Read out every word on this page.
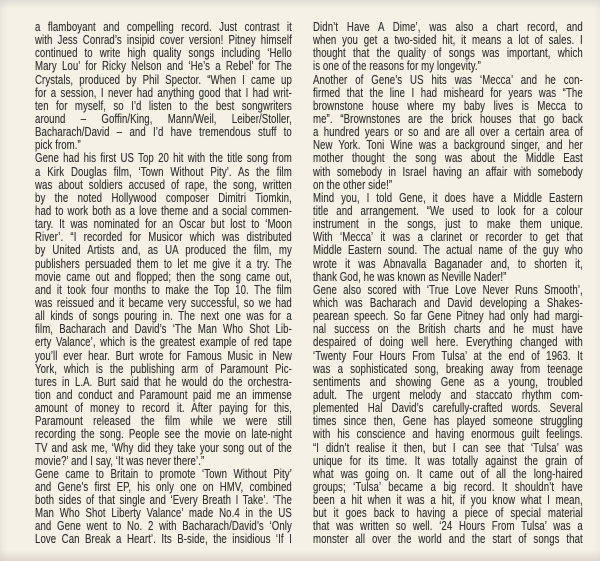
a flamboyant and compelling record. Just contrast it
with Jess Conrad’s insipid cover version! Pitney himself
continued to write high quality songs including ‘Hello
Mary Lou’ for Ricky Nelson and ‘He’s a Rebel’ for The
Crystals, produced by Phil Spector. “When I came up
for a session, I never had anything good that I had writ-
ten for myself, so I’d listen to the best songwriters
around – Goffin/King, Mann/Weil, Leiber/Stoller,
Bacharach/David – and I’d have tremendous stuff to
pick from.”
Gene had his first US Top 20 hit with the title song from
a Kirk Douglas film, ‘Town Without Pity’. As the film
was about soldiers accused of rape, the song, written
by the noted Hollywood composer Dimitri Tiomkin,
had to work both as a love theme and a social commen-
tary. It was nominated for an Oscar but lost to ‘Moon
River’. “I recorded for Musicor which was distributed
by United Artists and, as UA produced the film, my
publishers persuaded them to let me give it a try. The
movie came out and flopped; then the song came out,
and it took four months to make the Top 10. The film
was reissued and it became very successful, so we had
all kinds of songs pouring in. The next one was for a
film, Bacharach and David’s ‘The Man Who Shot Lib-
erty Valance’, which is the greatest example of red tape
you’ll ever hear. Burt wrote for Famous Music in New
York, which is the publishing arm of Paramount Pic-
tures in L.A. Burt said that he would do the orchestra-
tion and conduct and Paramount paid me an immense
amount of money to record it. After paying for this,
Paramount released the film while we were still
recording the song. People see the movie on late-night
TV and ask me, ‘Why did they take your song out of the
movie?’ and I say, ‘It was never there’.”
Gene came to Britain to promote ‘Town Without Pity’
and Gene’s first EP, his only one on HMV, combined
both sides of that single and ‘Every Breath I Take’. ‘The
Man Who Shot Liberty Valance’ made No.4 in the US
and Gene went to No. 2 with Bacharach/David’s ‘Only
Love Can Break a Heart’. Its B-side, the insidious ‘If I
Didn’t Have A Dime’, was also a chart record, and
when you get a two-sided hit, it means a lot of sales. I
thought that the quality of songs was important, which
is one of the reasons for my longevity.”
Another of Gene’s US hits was ‘Mecca’ and he con-
firmed that the line I had misheard for years was “The
brownstone house where my baby lives is Mecca to
me”. “Brownstones are the brick houses that go back
a hundred years or so and are all over a certain area of
New York. Toni Wine was a background singer, and her
mother thought the song was about the Middle East
with somebody in Israel having an affair with somebody
on the other side!”
Mind you, I told Gene, it does have a Middle Eastern
title and arrangement. “We used to look for a colour
instrument in the songs, just to make them unique.
With ‘Mecca’ it was a clarinet or recorder to get that
Middle Eastern sound. The actual name of the guy who
wrote it was Abnavalla Baganader and, to shorten it,
thank God, he was known as Neville Nader!”
Gene also scored with ‘True Love Never Runs Smooth’,
which was Bacharach and David developing a Shakes-
pearean speech. So far Gene Pitney had only had margi-
nal success on the British charts and he must have
despaired of doing well here. Everything changed with
‘Twenty Four Hours From Tulsa’ at the end of 1963. It
was a sophisticated song, breaking away from teenage
sentiments and showing Gene as a young, troubled
adult. The urgent melody and staccato rhythm com-
plemented Hal David’s carefully-crafted words. Several
times since then, Gene has played someone struggling
with his conscience and having enormous guilt feelings.
“I didn’t realise it then, but I can see that ‘Tulsa’ was
unique for its time. It was totally against the grain of
what was going on. It came out of all the long-haired
groups; ‘Tulsa’ became a big record. It shouldn’t have
been a hit when it was a hit, if you know what I mean,
but it goes back to having a piece of special material
that was written so well. ‘24 Hours From Tulsa’ was a
monster all over the world and the start of songs that
